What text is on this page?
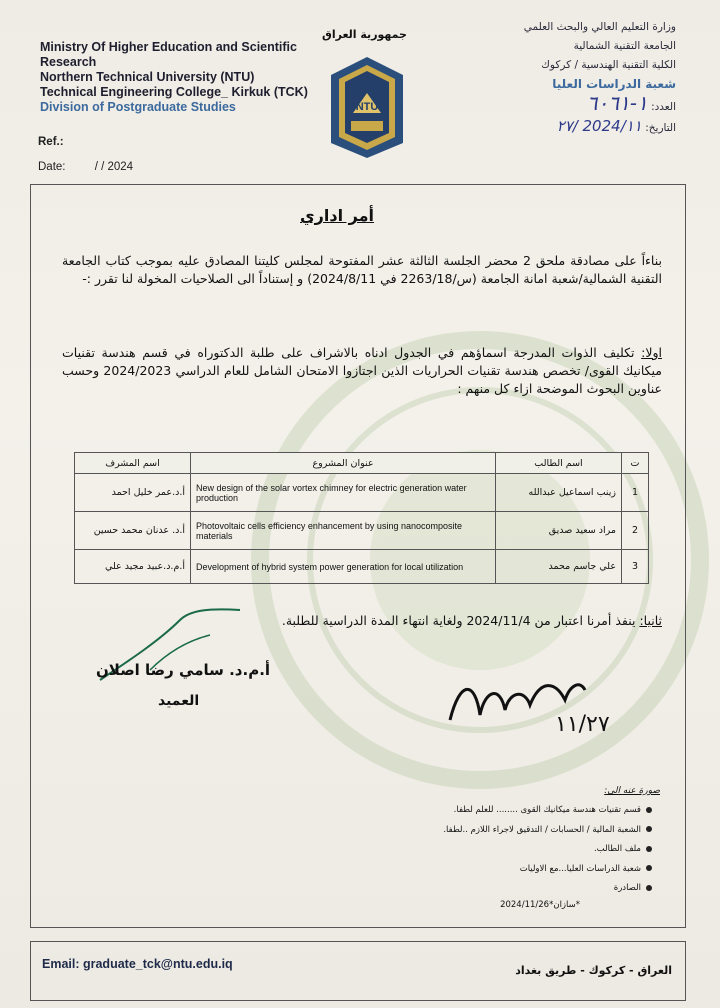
Ministry Of Higher Education and Scientific
Research
Northern Technical University (NTU)
Technical Engineering College_ Kirkuk (TCK)
Division of Postgraduate Studies
Ref.:
Date:	/ / 2024
جمهورية العراق
NTU
وزارة التعليم العالي والبحث العلمي
الجامعة التقنية الشمالية
الكلية التقنية الهندسية / كركوك
شعبة الدراسات العليا
العدد: ١-٦٠٦١
التاريخ: 2024/١١ /٢٧
أمر اداري
بناءاً على مصادقة ملحق 2 محضر الجلسة الثالثة عشر المفتوحة لمجلس كليتنا المصادق عليه بموجب كتاب الجامعة التقنية الشمالية/شعبة امانة الجامعة (س/2263/18 في 2024/8/11) و إستناداً الى الصلاحيات المخولة لنا تقرر :-
اولا: تكليف الذوات المدرجة اسماؤهم في الجدول ادناه بالاشراف على طلبة الدكتوراه في قسم هندسة تقنيات ميكانيك القوى/ تخصص هندسة تقنيات الحراريات الذين اجتازوا الامتحان الشامل للعام الدراسي 2024/2023 وحسب عناوين البحوث الموضحة ازاء كل منهم :
ت	اسم الطالب	عنوان المشروع	اسم المشرف
1	زينب اسماعيل عبدالله	New design of the solar vortex chimney for electric generation water production	أ.د.عمر خليل احمد
2	مراد سعيد صديق	Photovoltaic cells efficiency enhancement by using nanocomposite materials	أ.د. عدنان محمد حسين
3	علي جاسم محمد	Development of hybrid system power generation for local utilization	أ.م.د.عبيد مجيد علي
ثانيا: ينفذ أمرنا اعتبار من 2024/11/4 ولغاية انتهاء المدة الدراسية للطلبة.
أ.م.د. سامي رضا اصلان
العميد
١١/٢٧
صورة عنه الى:
قسم تقنيات هندسة ميكانيك القوى ........ للعلم لطفا.
الشعبة المالية / الحسابات / التدقيق لاجراء اللازم ..لطفا.
ملف الطالب.
شعبة الدراسات العليا...مع الاوليات
الصادرة
*سازان*2024/11/26
Email: graduate_tck@ntu.edu.iq	العراق - كركوك - طريق بغداد
